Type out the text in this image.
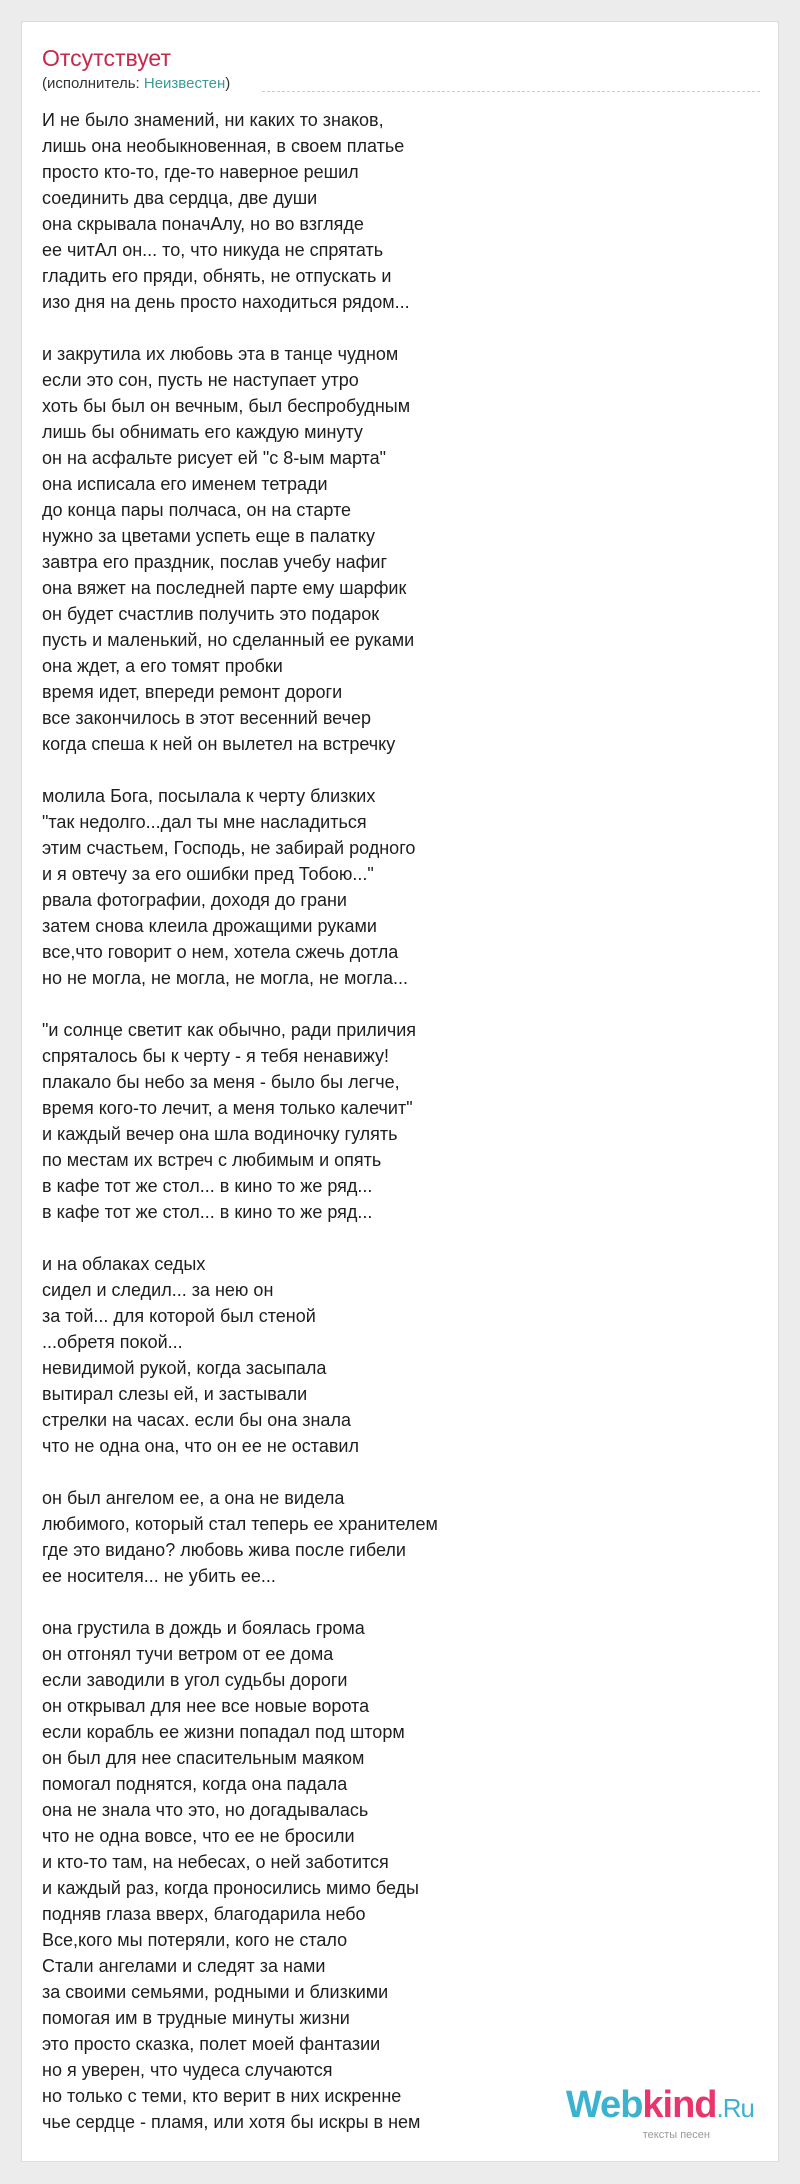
Отсутствует
(исполнитель: Неизвестен)
И не было знамений, ни каких то знаков,
лишь она необыкновенная, в своем платье
просто кто-то, где-то наверное решил
соединить два сердца, две души
она скрывала поначАлу, но во взгляде
ее читАл он... то, что никуда не спрятать
гладить его пряди, обнять, не отпускать и
изо дня на день просто находиться рядом...
и закрутила их любовь эта в танце чудном
если это сон, пусть не наступает утро
хоть бы был он вечным, был беспробудным
лишь бы обнимать его каждую минуту
он на асфальте рисует ей "с 8-ым марта"
она исписала его именем тетради
до конца пары полчаса, он на старте
нужно за цветами успеть еще в палатку
завтра его праздник, послав учебу нафиг
она вяжет на последней парте ему шарфик
он будет счастлив получить это подарок
пусть и маленький, но сделанный ее руками
она ждет, а его томят пробки
время идет, впереди ремонт дороги
все закончилось в этот весенний вечер
когда спеша к ней он вылетел на встречку
молила Бога, посылала к черту близких
"так недолго...дал ты мне насладиться
этим счастьем, Господь, не забирай родного
и я овтечу за его ошибки пред Тобою..."
рвала фотографии, доходя до грани
затем снова клеила дрожащими руками
все,что говорит о нем, хотела сжечь дотла
но не могла, не могла, не могла, не могла...
"и солнце светит как обычно, ради приличия
спряталось бы к черту - я тебя ненавижу!
плакало бы небо за меня - было бы легче,
время кого-то лечит, а меня только калечит"
и каждый вечер она шла водиночку гулять
по местам их встреч с любимым и опять
в кафе тот же стол... в кино то же ряд...
в кафе тот же стол... в кино то же ряд...
и на облаках седых
сидел и следил... за нею он
за той... для которой был стеной
...обретя покой...
невидимой рукой, когда засыпала
вытирал слезы ей, и застывали
стрелки на часах. если бы она знала
что не одна она, что он ее не оставил
он был ангелом ее, а она не видела
любимого, который стал теперь ее хранителем
где это видано? любовь жива после гибели
ее носителя... не убить ее...
она грустила в дождь и боялась грома
он отгонял тучи ветром от ее дома
если заводили в угол судьбы дороги
он открывал для нее все новые ворота
если корабль ее жизни попадал под шторм
он был для нее спасительным маяком
помогал поднятся, когда она падала
она не знала что это, но догадывалась
что не одна вовсе, что ее не бросили
и кто-то там, на небесах, о ней заботится
и каждый раз, когда проносились мимо беды
подняв глаза вверх, благодарила небо
Все,кого мы потеряли, кого не стало
Стали ангелами и следят за нами
за своими семьями, родными и близкими
помогая им в трудные минуты жизни
это просто сказка, полет моей фантазии
но я уверен, что чудеса случаются
но только с теми, кто верит в них искренне
чье сердце - пламя, или хотя бы искры в нем	Webkind.Ru
тексты песен
